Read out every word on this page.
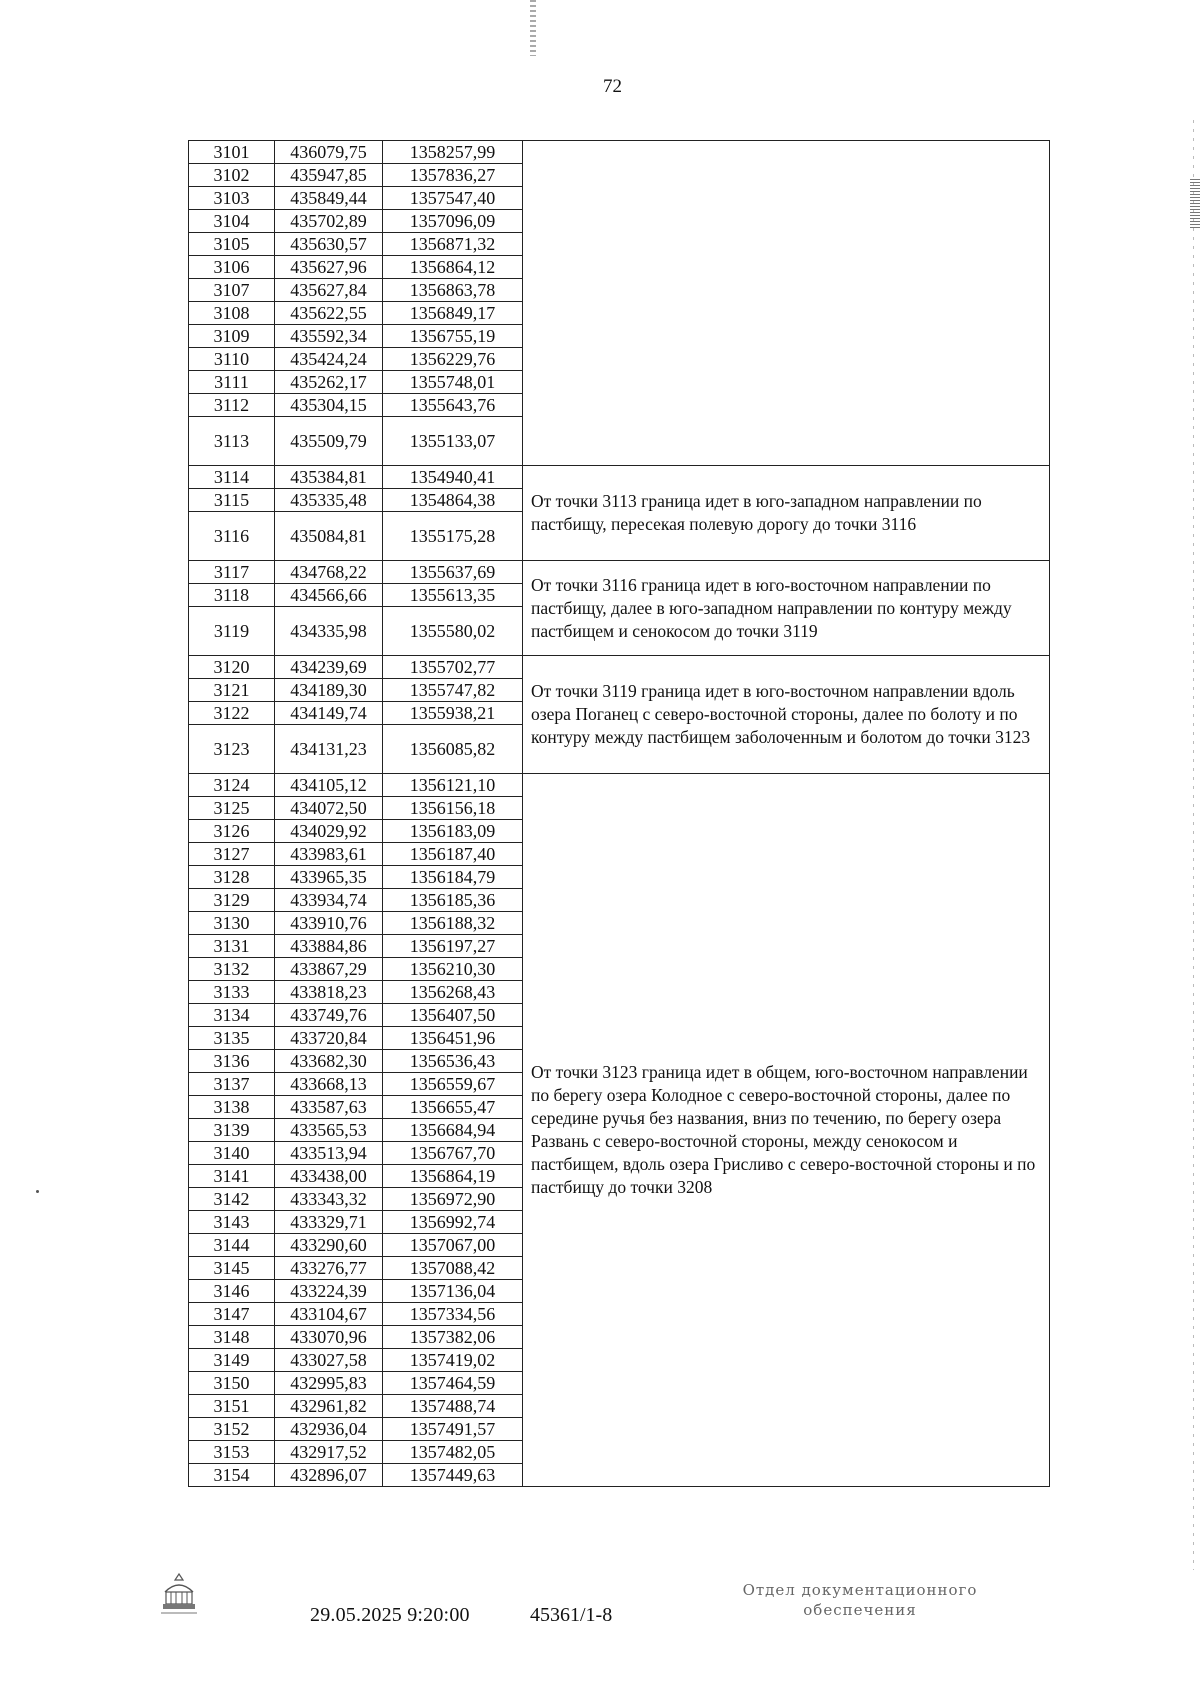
72
3101	436079,75	1358257,99	
3102	435947,85	1357836,27	
3103	435849,44	1357547,40	
3104	435702,89	1357096,09	
3105	435630,57	1356871,32	
3106	435627,96	1356864,12	
3107	435627,84	1356863,78	
3108	435622,55	1356849,17	
3109	435592,34	1356755,19	
3110	435424,24	1356229,76	
3111	435262,17	1355748,01	
3112	435304,15	1355643,76	
3113	435509,79	1355133,07	
3114	435384,81	1354940,41	От точки 3113 граница идет в юго-западном направлении по пастбищу, пересекая полевую дорогу до точки 3116
3115	435335,48	1354864,38	
3116	435084,81	1355175,28	
3117	434768,22	1355637,69	От точки 3116 граница идет в юго-восточном направлении по пастбищу, далее в юго-западном направлении по контуру между пастбищем и сенокосом до точки 3119
3118	434566,66	1355613,35	
3119	434335,98	1355580,02	
3120	434239,69	1355702,77	От точки 3119 граница идет в юго-восточном направлении вдоль озера Поганец с северо-восточной стороны, далее по болоту и по контуру между пастбищем заболоченным и болотом до точки 3123
3121	434189,30	1355747,82	
3122	434149,74	1355938,21	
3123	434131,23	1356085,82	
3124	434105,12	1356121,10	От точки 3123 граница идет в общем, юго-восточном направлении по берегу озера Колодное с северо-восточной стороны, далее по середине ручья без названия, вниз по течению, по берегу озера Развань с северо-восточной стороны, между сенокосом и пастбищем, вдоль озера Грисливо с северо-восточной стороны и по пастбищу до точки 3208
3125	434072,50	1356156,18	
3126	434029,92	1356183,09	
3127	433983,61	1356187,40	
3128	433965,35	1356184,79	
3129	433934,74	1356185,36	
3130	433910,76	1356188,32	
3131	433884,86	1356197,27	
3132	433867,29	1356210,30	
3133	433818,23	1356268,43	
3134	433749,76	1356407,50	
3135	433720,84	1356451,96	
3136	433682,30	1356536,43	
3137	433668,13	1356559,67	
3138	433587,63	1356655,47	
3139	433565,53	1356684,94	
3140	433513,94	1356767,70	
3141	433438,00	1356864,19	
3142	433343,32	1356972,90	
3143	433329,71	1356992,74	
3144	433290,60	1357067,00	
3145	433276,77	1357088,42	
3146	433224,39	1357136,04	
3147	433104,67	1357334,56	
3148	433070,96	1357382,06	
3149	433027,58	1357419,02	
3150	432995,83	1357464,59	
3151	432961,82	1357488,74	
3152	432936,04	1357491,57	
3153	432917,52	1357482,05	
3154	432896,07	1357449,63	
29.05.2025 9:20:00	45361/1-8
Отдел документационного
обеспечения
